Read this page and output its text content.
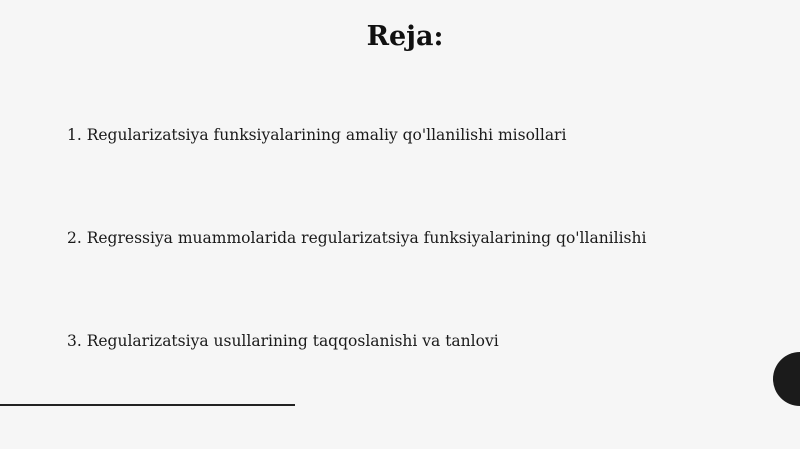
Reja:
1. Regularizatsiya funksiyalarining amaliy qo'llanilishi misollari
2. Regressiya muammolarida regularizatsiya funksiyalarining qo'llanilishi
3. Regularizatsiya usullarining taqqoslanishi va tanlovi
